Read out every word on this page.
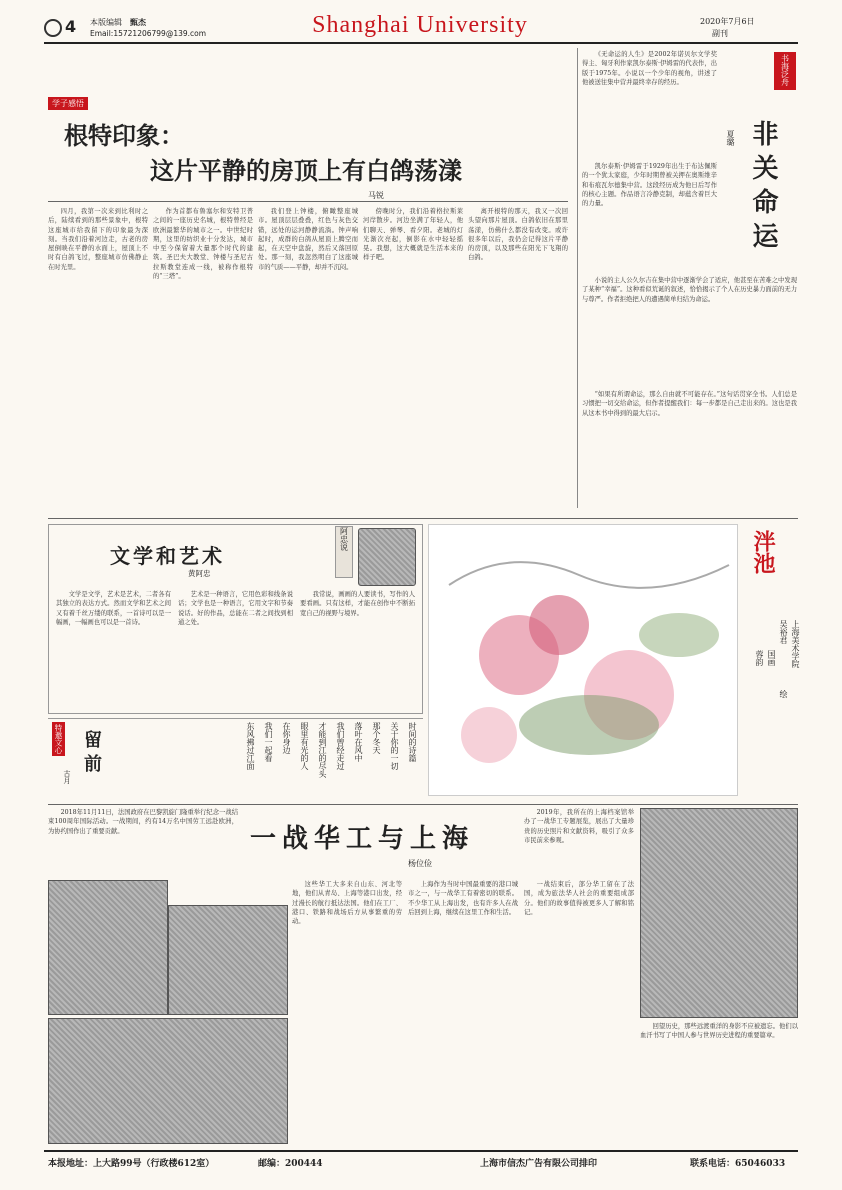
4 本版编辑　 甄杰
Email:15721206799@139.com	Shanghai University	2020年7月6日
副刊
学子感悟
根特印象：
这片平静的房顶上有白鸽荡漾
马锐

四月，我第一次来到比利时之后，陆续看到的那些景象中，根特这座城市给我留下的印象最为深刻。当我们沿着河边走，古老的房屋倒映在平静的水面上，屋顶上不时有白鸽飞过，整座城市仿佛静止在时光里。

作为首都布鲁塞尔和安特卫普之间的一座历史名城，根特曾经是欧洲最繁华的城市之一。中世纪时期，这里的纺织业十分发达，城市中至今保留着大量那个时代的建筑。圣巴夫大教堂、钟楼与圣尼古拉斯教堂连成一线，被称作根特的“三塔”。

我们登上钟楼，俯瞰整座城市。屋顶层层叠叠，红色与灰色交错，远处的运河静静流淌。钟声响起时，成群的白鸽从屋顶上腾空而起，在天空中盘旋，然后又落回原处。那一刻，我忽然明白了这座城市的气质——平静，却并不沉闷。

傍晚时分，我们沿着格拉斯莱河岸散步。河边坐满了年轻人，他们聊天、弹琴、看夕阳。老城的灯光渐次亮起，倒影在水中轻轻摇晃。我想，这大概就是生活本来的样子吧。

离开根特的那天，我又一次回头望向那片屋顶。白鸽依旧在那里荡漾，仿佛什么都没有改变。或许很多年以后，我仍会记得这片平静的房顶，以及那些在阳光下飞翔的白鸽。

书海泛舟
非关命运
夏璐

《无命运的人生》是2002年诺贝尔文学奖得主、匈牙利作家凯尔泰斯·伊姆雷的代表作，出版于1975年。小说以一个少年的视角，讲述了他被送往集中营并最终幸存的经历。

凯尔泰斯·伊姆雷于1929年出生于布达佩斯的一个犹太家庭，少年时期曾被关押在奥斯维辛和布痕瓦尔德集中营。这段经历成为他日后写作的核心主题。作品语言冷静克制，却蕴含着巨大的力量。

小说的主人公久尔吉在集中营中逐渐学会了适应，他甚至在苦难之中发现了某种“幸福”。这种看似荒诞的叙述，恰恰揭示了个人在历史暴力面前的无力与尊严。作者拒绝把人的遭遇简单归结为命运。

“如果有所谓命运，那么自由就不可能存在。”这句话贯穿全书。人们总是习惯把一切交给命运，但作者提醒我们：每一步都是自己走出来的。这也是我从这本书中得到的最大启示。

文学和艺术
黄阿忠
阿忠说

文学是文学，艺术是艺术，二者各有其独立的表达方式。然而文学和艺术之间又有着千丝万缕的联系，一首诗可以是一幅画，一幅画也可以是一首诗。

艺术是一种语言，它用色彩和线条说话；文学也是一种语言，它用文字和节奏说话。好的作品，总能在二者之间找到相通之处。

我常说，画画的人要读书，写作的人要看画。只有这样，才能在创作中不断拓宽自己的视野与境界。

泮池
上海美术学院
吴裕君
国画
绘
蓉韵
特邀文心 留前
古月
时间的诗篇
关于你的一切
那个冬天
落叶在风中
我们曾经走过
才能到江的尽头
眼里有光的人
在你身边
我们一起看
东风拂过江面
一战华工与上海
杨位俭

2018年11月11日，法国政府在巴黎凯旋门隆重举行纪念一战结束100周年国际活动。一战期间，约有14万名中国劳工远赴欧洲，为协约国作出了重要贡献。

这些华工大多来自山东、河北等地，他们从青岛、上海等港口出发，经过漫长的航行抵达法国。他们在工厂、港口、铁路和战场后方从事繁重的劳动。

上海作为当时中国最重要的港口城市之一，与一战华工有着密切的联系。不少华工从上海出发，也有许多人在战后回到上海，继续在这里工作和生活。

一战结束后，部分华工留在了法国，成为旅法华人社会的重要组成部分。他们的故事值得被更多人了解和铭记。

2019年，我所在的上海档案馆举办了一战华工专题展览，展出了大量珍贵的历史照片和文献资料，吸引了众多市民前来参观。

回望历史，那些远渡重洋的身影不应被遗忘。他们以血汗书写了中国人参与世界历史进程的重要篇章。

本报地址：上大路99号（行政楼612室）	邮编：200444	上海市信杰广告有限公司排印	联系电话：65046033
